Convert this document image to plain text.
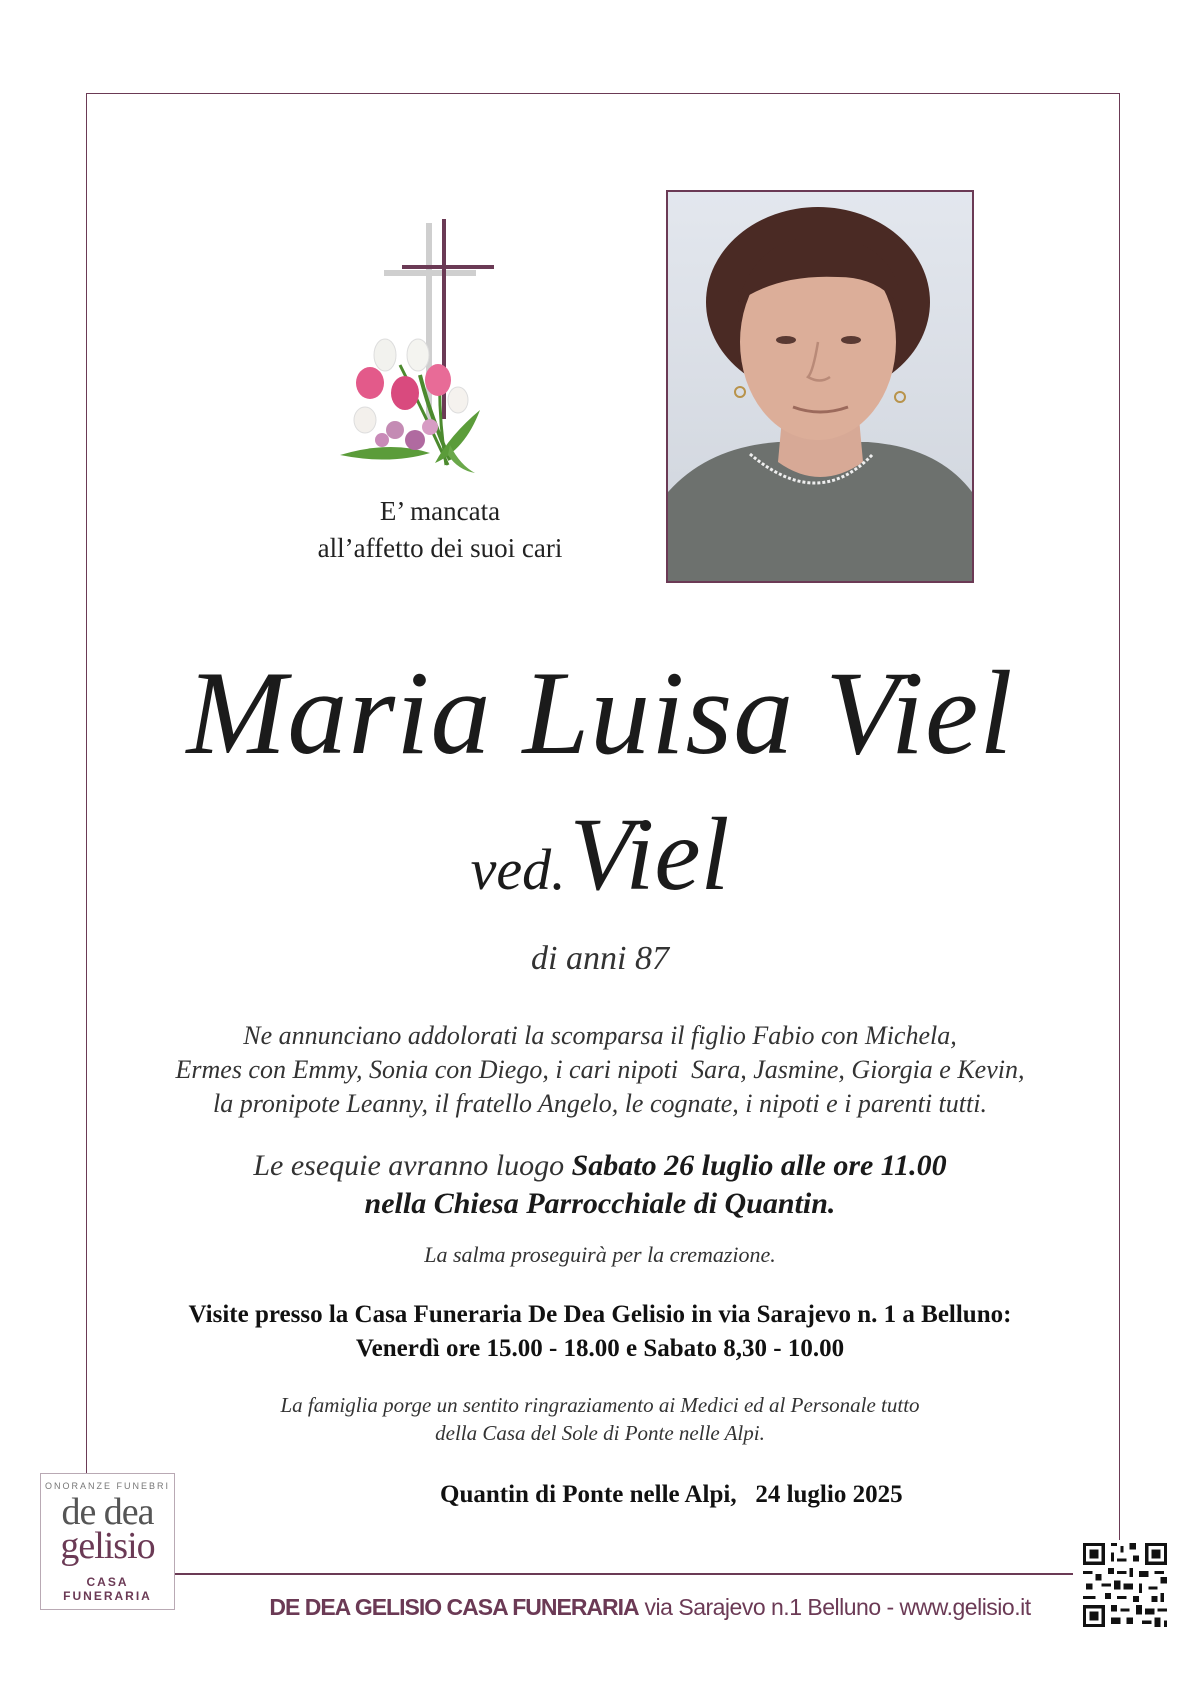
E’ mancata
all’affetto dei suoi cari
Maria Luisa Viel
ved. Viel
di anni 87
Ne annunciano addolorati la scomparsa il figlio Fabio con Michela,
Ermes con Emmy, Sonia con Diego, i cari nipoti  Sara, Jasmine, Giorgia e Kevin,
la pronipote Leanny, il fratello Angelo, le cognate, i nipoti e i parenti tutti.
Le esequie avranno luogo Sabato 26 luglio alle ore 11.00
nella Chiesa Parrocchiale di Quantin.
La salma proseguirà per la cremazione.
Visite presso la Casa Funeraria De Dea Gelisio in via Sarajevo n. 1 a Belluno:
Venerdì ore 15.00 - 18.00 e Sabato 8,30 - 10.00
La famiglia porge un sentito ringraziamento ai Medici ed al Personale tutto
della Casa del Sole di Ponte nelle Alpi.
Quantin di Ponte nelle Alpi,   24 luglio 2025
ONORANZE FUNEBRI
de dea
gelisio
CASA FUNERARIA	DE DEA GELISIO CASA FUNERARIA via Sarajevo n.1 Belluno - www.gelisio.it
